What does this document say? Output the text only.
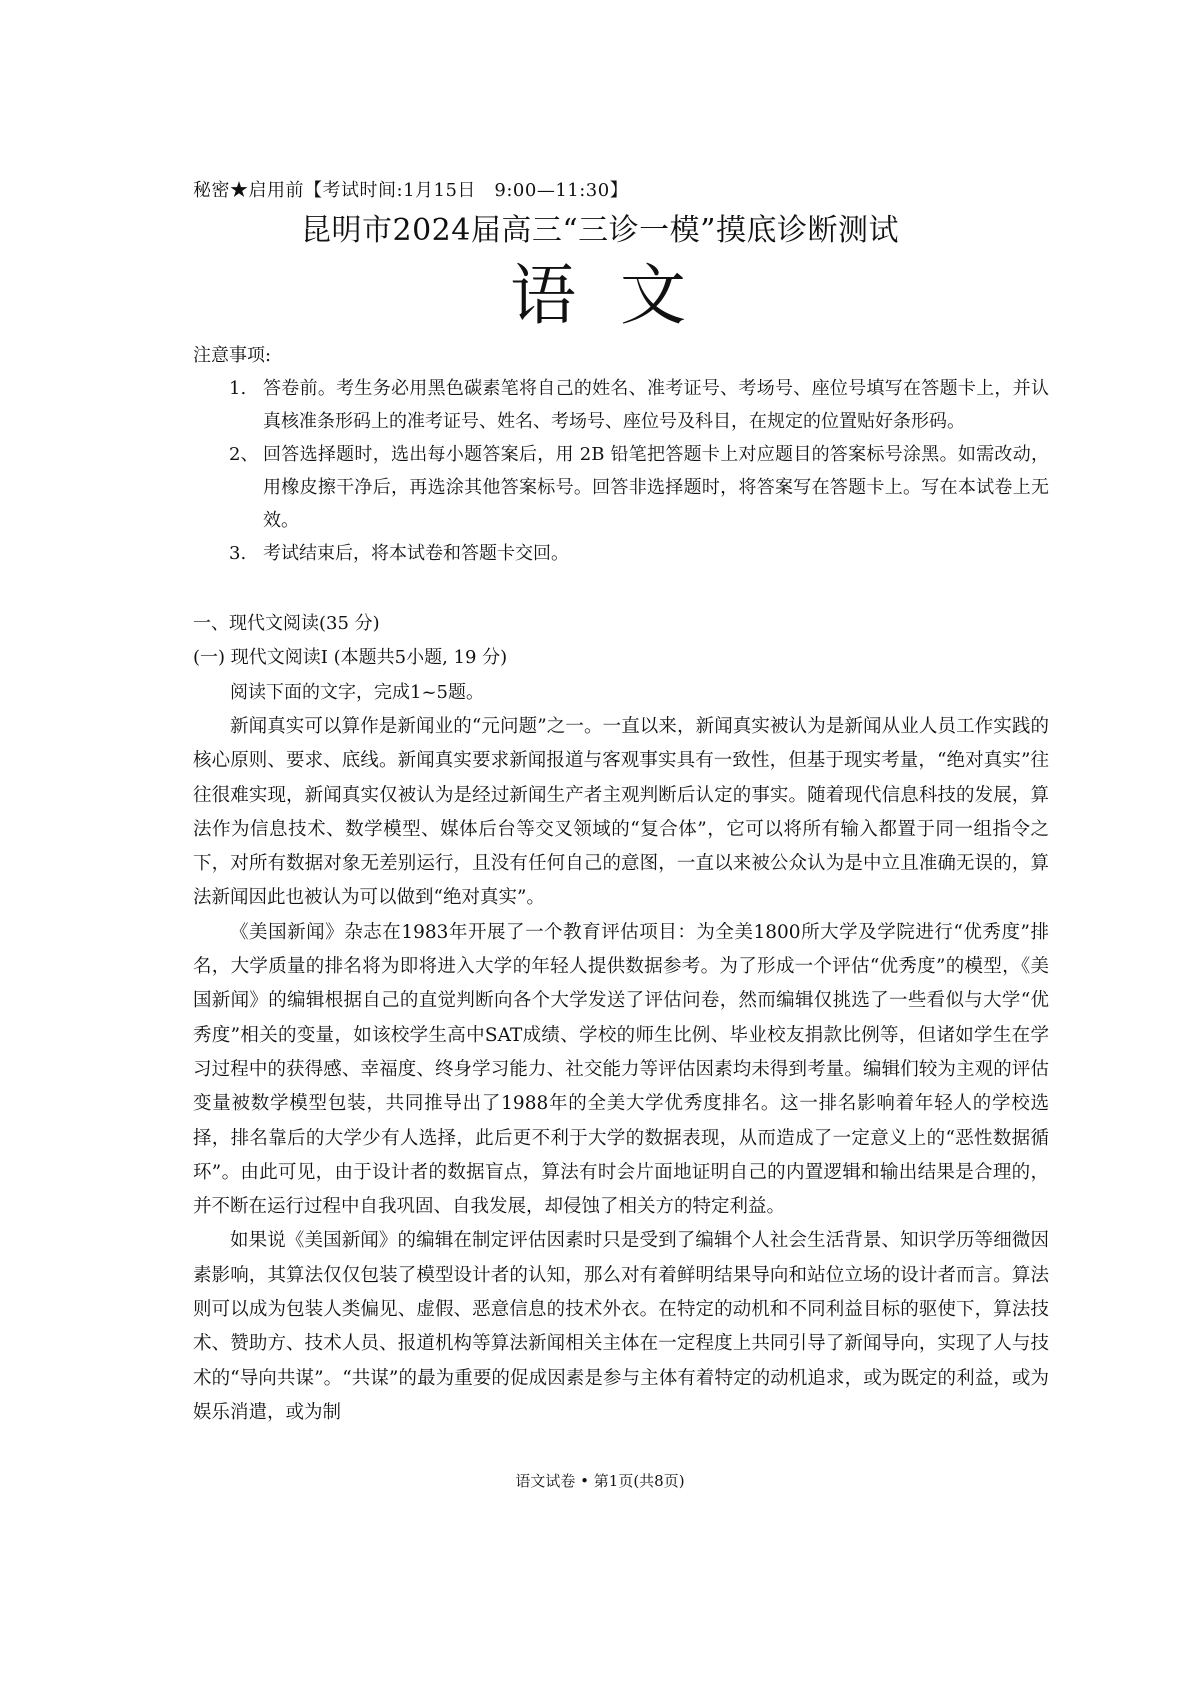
秘密★启用前【考试时间:1月15日　9:00—11:30】
昆明市2024届高三“三诊一模”摸底诊断测试
语文
注意事项:
1. 答卷前。考生务必用黑色碳素笔将自己的姓名、准考证号、考场号、座位号填写在答题卡上，并认真核准条形码上的准考证号、姓名、考场号、座位号及科目，在规定的位置贴好条形码。
2、 回答选择题时，选出每小题答案后，用 2B 铅笔把答题卡上对应题目的答案标号涂黑。如需改动，用橡皮擦干净后，再选涂其他答案标号。回答非选择题时，将答案写在答题卡上。写在本试卷上无效。
3. 考试结束后，将本试卷和答题卡交回。
一、现代文阅读(35 分)
(一) 现代文阅读Ⅰ (本题共5小题, 19 分)
阅读下面的文字，完成1~5题。

新闻真实可以算作是新闻业的“元问题”之一。一直以来，新闻真实被认为是新闻从业人员工作实践的核心原则、要求、底线。新闻真实要求新闻报道与客观事实具有一致性，但基于现实考量，“绝对真实”往往很难实现，新闻真实仅被认为是经过新闻生产者主观判断后认定的事实。随着现代信息科技的发展，算法作为信息技术、数学模型、媒体后台等交叉领域的“复合体”，它可以将所有输入都置于同一组指令之下，对所有数据对象无差别运行，且没有任何自己的意图，一直以来被公众认为是中立且准确无误的，算法新闻因此也被认为可以做到“绝对真实”。

《美国新闻》杂志在1983年开展了一个教育评估项目：为全美1800所大学及学院进行“优秀度”排名，大学质量的排名将为即将进入大学的年轻人提供数据参考。为了形成一个评估“优秀度”的模型，《美国新闻》的编辑根据自己的直觉判断向各个大学发送了评估问卷，然而编辑仅挑选了一些看似与大学“优秀度”相关的变量，如该校学生高中SAT成绩、学校的师生比例、毕业校友捐款比例等，但诸如学生在学习过程中的获得感、幸福度、终身学习能力、社交能力等评估因素均未得到考量。编辑们较为主观的评估变量被数学模型包装，共同推导出了1988年的全美大学优秀度排名。这一排名影响着年轻人的学校选择，排名靠后的大学少有人选择，此后更不利于大学的数据表现，从而造成了一定意义上的“恶性数据循环”。由此可见，由于设计者的数据盲点，算法有时会片面地证明自己的内置逻辑和输出结果是合理的，并不断在运行过程中自我巩固、自我发展，却侵蚀了相关方的特定利益。

如果说《美国新闻》的编辑在制定评估因素时只是受到了编辑个人社会生活背景、知识学历等细微因素影响，其算法仅仅包装了模型设计者的认知，那么对有着鲜明结果导向和站位立场的设计者而言。算法则可以成为包装人类偏见、虚假、恶意信息的技术外衣。在特定的动机和不同利益目标的驱使下，算法技术、赞助方、技术人员、报道机构等算法新闻相关主体在一定程度上共同引导了新闻导向，实现了人与技术的“导向共谋”。“共谋”的最为重要的促成因素是参与主体有着特定的动机追求，或为既定的利益，或为娱乐消遣，或为制

语文试卷 • 第1页(共8页)
